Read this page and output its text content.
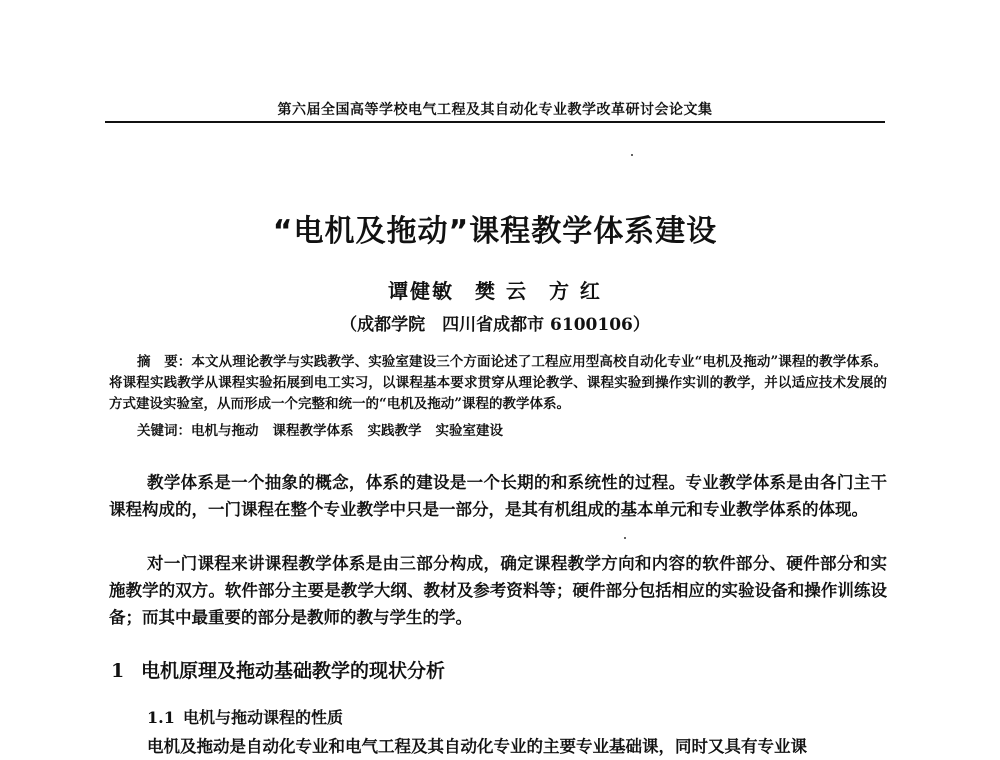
第六届全国高等学校电气工程及其自动化专业教学改革研讨会论文集
“电机及拖动”课程教学体系建设
谭健敏 樊 云 方 红
（成都学院　四川省成都市 6100106）

摘　要：本文从理论教学与实践教学、实验室建设三个方面论述了工程应用型高校自动化专业“电机及拖动”课程的教学体系。将课程实践教学从课程实验拓展到电工实习，以课程基本要求贯穿从理论教学、课程实验到操作实训的教学，并以适应技术发展的方式建设实验室，从而形成一个完整和统一的“电机及拖动”课程的教学体系。

关键词：电机与拖动 课程教学体系 实践教学 实验室建设

教学体系是一个抽象的概念，体系的建设是一个长期的和系统性的过程。专业教学体系是由各门主干课程构成的，一门课程在整个专业教学中只是一部分，是其有机组成的基本单元和专业教学体系的体现。

对一门课程来讲课程教学体系是由三部分构成，确定课程教学方向和内容的软件部分、硬件部分和实施教学的双方。软件部分主要是教学大纲、教材及参考资料等；硬件部分包括相应的实验设备和操作训练设备；而其中最重要的部分是教师的教与学生的学。

1 电机原理及拖动基础教学的现状分析
1.1 电机与拖动课程的性质

电机及拖动是自动化专业和电气工程及其自动化专业的主要专业基础课，同时又具有专业课
